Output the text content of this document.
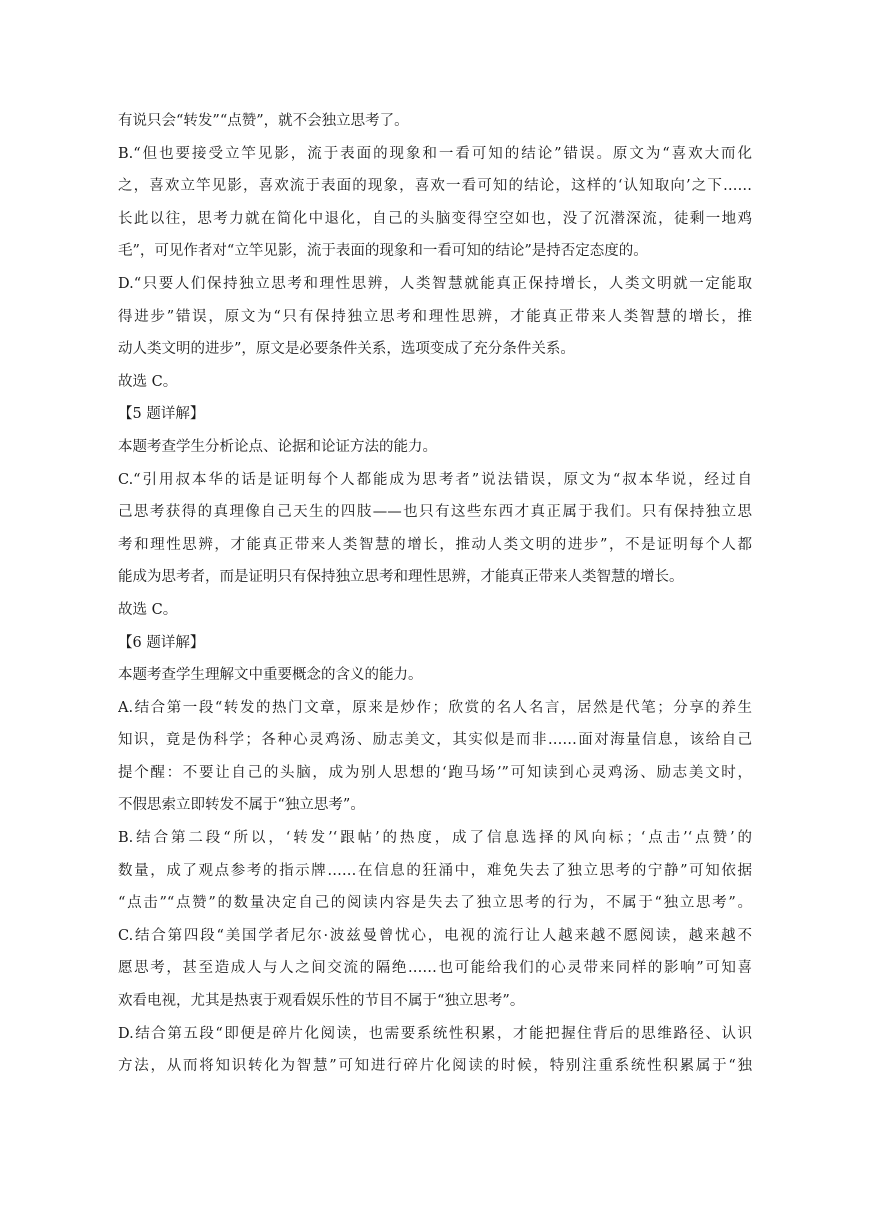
有说只会“转发”“点赞”，就不会独立思考了。
B.“但也要接受立竿见影，流于表面的现象和一看可知的结论”错误。原文为“喜欢大而化
之，喜欢立竿见影，喜欢流于表面的现象，喜欢一看可知的结论，这样的‘认知取向’之下……
长此以往，思考力就在简化中退化，自己的头脑变得空空如也，没了沉潜深流，徒剩一地鸡
毛”，可见作者对“立竿见影，流于表面的现象和一看可知的结论”是持否定态度的。
D.“只要人们保持独立思考和理性思辨，人类智慧就能真正保持增长，人类文明就一定能取
得进步”错误，原文为“只有保持独立思考和理性思辨，才能真正带来人类智慧的增长，推
动人类文明的进步”，原文是必要条件关系，选项变成了充分条件关系。
故选 C。
【5 题详解】
本题考查学生分析论点、论据和论证方法的能力。
C.“引用叔本华的话是证明每个人都能成为思考者”说法错误，原文为“叔本华说，经过自
己思考获得的真理像自己天生的四肢——也只有这些东西才真正属于我们。只有保持独立思
考和理性思辨，才能真正带来人类智慧的增长，推动人类文明的进步”，不是证明每个人都
能成为思考者，而是证明只有保持独立思考和理性思辨，才能真正带来人类智慧的增长。
故选 C。
【6 题详解】
本题考查学生理解文中重要概念的含义的能力。
A.结合第一段“转发的热门文章，原来是炒作；欣赏的名人名言，居然是代笔；分享的养生
知识，竟是伪科学；各种心灵鸡汤、励志美文，其实似是而非……面对海量信息，该给自己
提个醒：不要让自己的头脑，成为别人思想的‘跑马场’”可知读到心灵鸡汤、励志美文时，
不假思索立即转发不属于“独立思考”。
B.结合第二段“所以，‘转发’‘跟帖’的热度，成了信息选择的风向标；‘点击’‘点赞’的
数量，成了观点参考的指示牌……在信息的狂涌中，难免失去了独立思考的宁静”可知依据
“点击”“点赞”的数量决定自己的阅读内容是失去了独立思考的行为，不属于“独立思考”。
C.结合第四段“美国学者尼尔·波兹曼曾忧心，电视的流行让人越来越不愿阅读，越来越不
愿思考，甚至造成人与人之间交流的隔绝……也可能给我们的心灵带来同样的影响”可知喜
欢看电视，尤其是热衷于观看娱乐性的节目不属于“独立思考”。
D.结合第五段“即便是碎片化阅读，也需要系统性积累，才能把握住背后的思维路径、认识
方法，从而将知识转化为智慧”可知进行碎片化阅读的时候，特别注重系统性积累属于“独
